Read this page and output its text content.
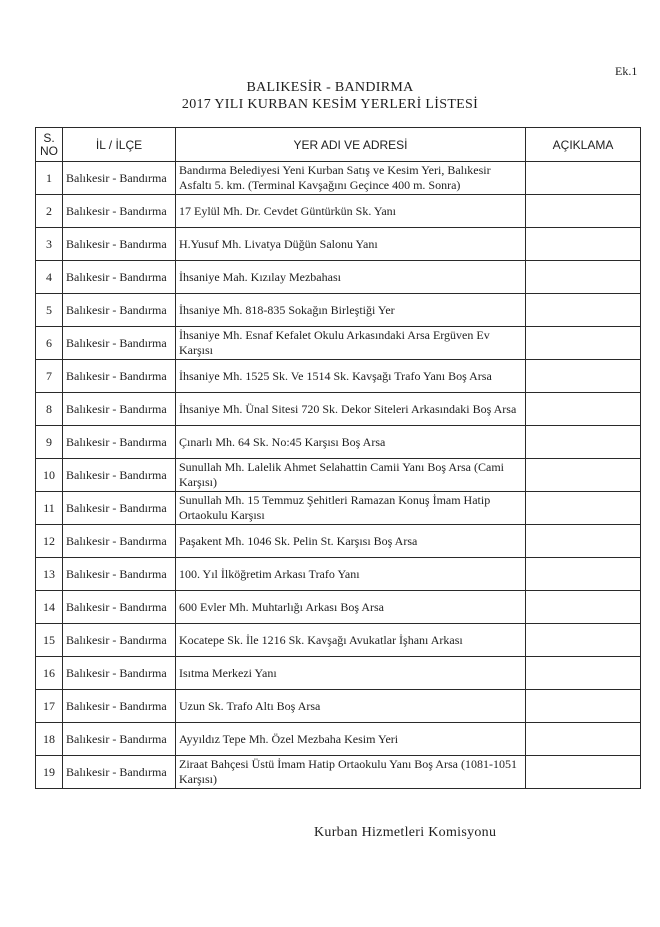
Ek.1
BALIKESİR - BANDIRMA
2017 YILI KURBAN KESİM YERLERİ LİSTESİ
S.
NO	İL / İLÇE	YER ADI VE ADRESİ	AÇIKLAMA
1	Balıkesir - Bandırma	Bandırma Belediyesi Yeni Kurban Satış ve Kesim Yeri, Balıkesir Asfaltı 5. km. (Terminal Kavşağını Geçince 400 m. Sonra)	
2	Balıkesir - Bandırma	17 Eylül Mh. Dr. Cevdet Güntürkün Sk. Yanı	
3	Balıkesir - Bandırma	H.Yusuf Mh. Livatya Düğün Salonu Yanı	
4	Balıkesir - Bandırma	İhsaniye Mah. Kızılay Mezbahası	
5	Balıkesir - Bandırma	İhsaniye Mh. 818-835 Sokağın Birleştiği Yer	
6	Balıkesir - Bandırma	İhsaniye Mh. Esnaf Kefalet Okulu Arkasındaki Arsa Ergüven Ev Karşısı	
7	Balıkesir - Bandırma	İhsaniye Mh. 1525 Sk. Ve 1514 Sk. Kavşağı Trafo Yanı Boş Arsa	
8	Balıkesir - Bandırma	İhsaniye Mh. Ünal Sitesi 720 Sk. Dekor Siteleri Arkasındaki Boş Arsa	
9	Balıkesir - Bandırma	Çınarlı Mh. 64 Sk. No:45 Karşısı Boş Arsa	
10	Balıkesir - Bandırma	Sunullah Mh. Lalelik Ahmet Selahattin Camii Yanı Boş Arsa (Cami Karşısı)	
11	Balıkesir - Bandırma	Sunullah Mh. 15 Temmuz Şehitleri Ramazan Konuş İmam Hatip Ortaokulu Karşısı	
12	Balıkesir - Bandırma	Paşakent Mh. 1046 Sk. Pelin St. Karşısı Boş Arsa	
13	Balıkesir - Bandırma	100. Yıl İlköğretim Arkası Trafo Yanı	
14	Balıkesir - Bandırma	600 Evler Mh. Muhtarlığı Arkası Boş Arsa	
15	Balıkesir - Bandırma	Kocatepe Sk. İle 1216 Sk. Kavşağı Avukatlar İşhanı Arkası	
16	Balıkesir - Bandırma	Isıtma Merkezi Yanı	
17	Balıkesir - Bandırma	Uzun Sk. Trafo Altı Boş Arsa	
18	Balıkesir - Bandırma	Ayyıldız Tepe Mh. Özel Mezbaha Kesim Yeri	
19	Balıkesir - Bandırma	Ziraat Bahçesi Üstü İmam Hatip Ortaokulu Yanı Boş Arsa (1081-1051 Karşısı)	
Kurban Hizmetleri Komisyonu
